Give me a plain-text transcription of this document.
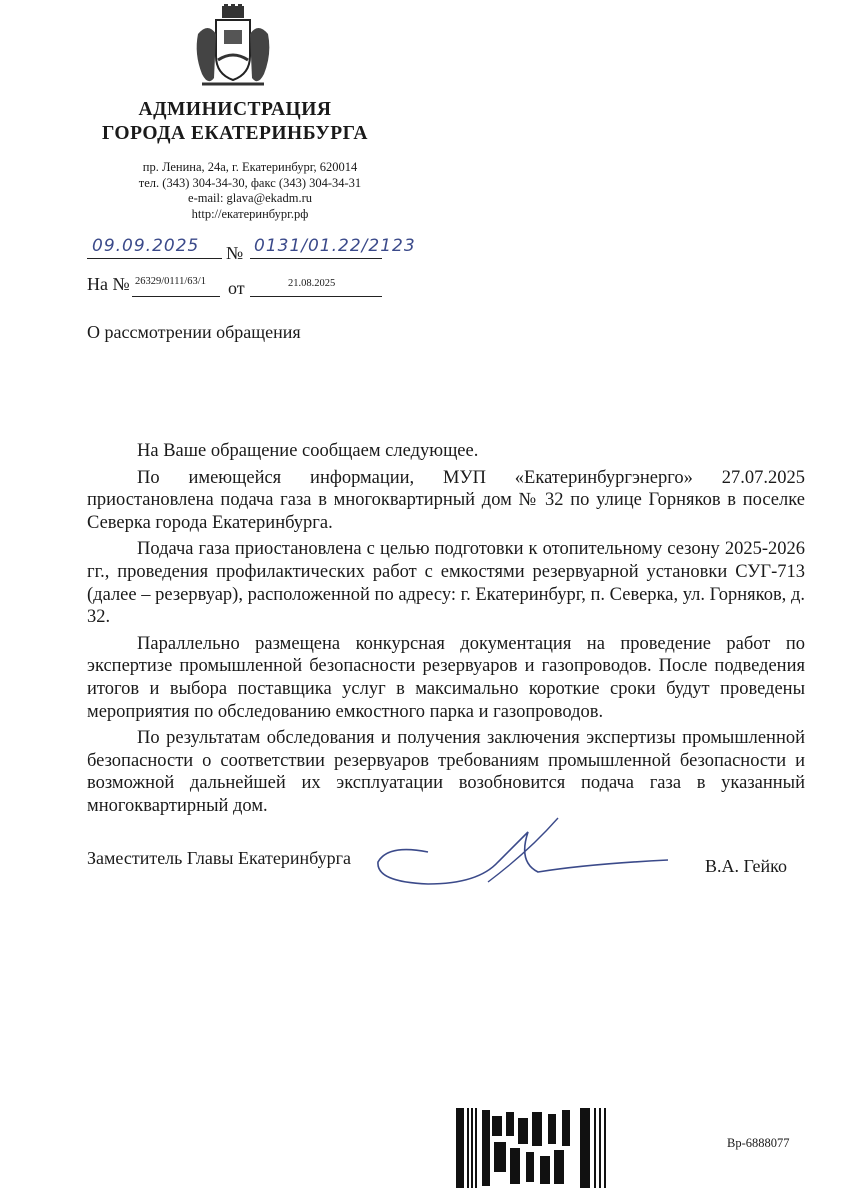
АДМИНИСТРАЦИЯ
ГОРОДА ЕКАТЕРИНБУРГА
пр. Ленина, 24а, г. Екатеринбург, 620014
тел. (343) 304-34-30, факс (343) 304-34-31
e-mail: glava@ekadm.ru
http://екатеринбург.рф
09.09.2025 № 0131/01.22/2123
На № 26329/0111/63/1 от	21.08.2025
О рассмотрении обращения

На Ваше обращение сообщаем следующее.

По имеющейся информации, МУП «Екатеринбургэнерго» 27.07.2025 приостановлена подача газа в многоквартирный дом № 32 по улице Горняков в поселке Северка города Екатеринбурга.

Подача газа приостановлена с целью подготовки к отопительному сезону 2025-2026 гг., проведения профилактических работ с емкостями резервуарной установки СУГ-713 (далее – резервуар), расположенной по адресу: г. Екатеринбург, п. Северка, ул. Горняков, д. 32.

Параллельно размещена конкурсная документация на проведение работ по экспертизе промышленной безопасности резервуаров и газопроводов. После подведения итогов и выбора поставщика услуг в максимально короткие сроки будут проведены мероприятия по обследованию емкостного парка и газопроводов.

По результатам обследования и получения заключения экспертизы промышленной безопасности о соответствии резервуаров требованиям промышленной безопасности и возможной дальнейшей их эксплуатации возобновится подача газа в указанный многоквартирный дом.

Заместитель Главы Екатеринбурга	В.А. Гейко
Вр-6888077
